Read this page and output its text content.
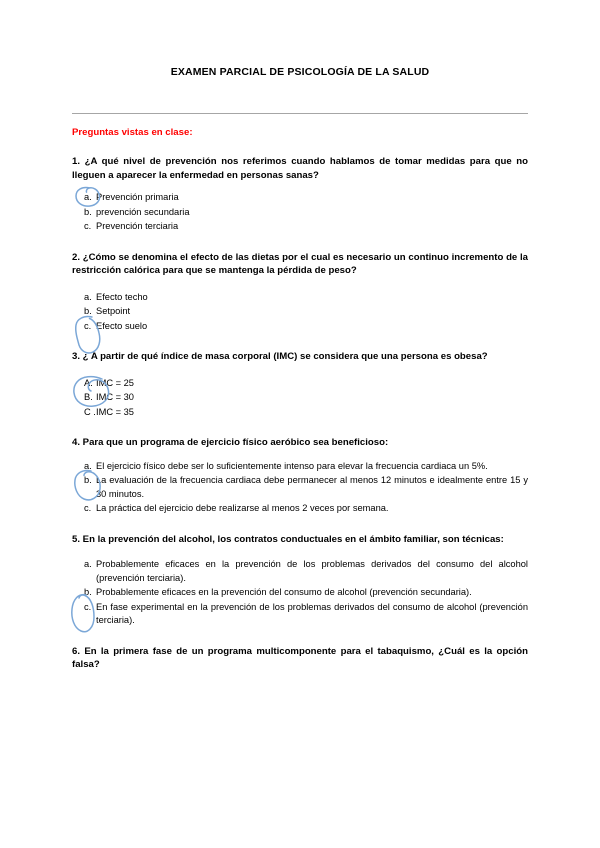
EXAMEN PARCIAL DE PSICOLOGÍA DE LA SALUD
Preguntas vistas en clase:
1. ¿A qué nivel de prevención nos referimos cuando hablamos de tomar medidas para que no lleguen a aparecer la enfermedad en personas sanas?
a. Prevención primaria
b. prevención secundaria
c. Prevención terciaria
2. ¿Cómo se denomina el efecto de las dietas por el cual es necesario un continuo incremento de la restricción calórica para que se mantenga la pérdida de peso?
a. Efecto techo
b. Setpoint
c. Efecto suelo
3. ¿ A partir de qué índice de masa corporal (IMC) se considera que una persona es obesa?
A. IMC = 25
B. IMC = 30
C . IMC = 35
4. Para que un programa de ejercicio físico aeróbico sea beneficioso:
a. El ejercicio físico debe ser lo suficientemente intenso para elevar la frecuencia cardiaca un 5%.
b. La evaluación de la frecuencia cardiaca debe permanecer al menos 12 minutos e idealmente entre 15 y 30 minutos.
c. La práctica del ejercicio debe realizarse al menos 2 veces por semana.
5. En la prevención del alcohol, los contratos conductuales en el ámbito familiar, son técnicas:
a. Probablemente eficaces en la prevención de los problemas derivados del consumo del alcohol (prevención terciaria).
b. Probablemente eficaces en la prevención del consumo de alcohol (prevención secundaria).
c. En fase experimental en la prevención de los problemas derivados del consumo de alcohol (prevención terciaria).
6. En la primera fase de un programa multicomponente para el tabaquismo, ¿Cuál es la opción falsa?
